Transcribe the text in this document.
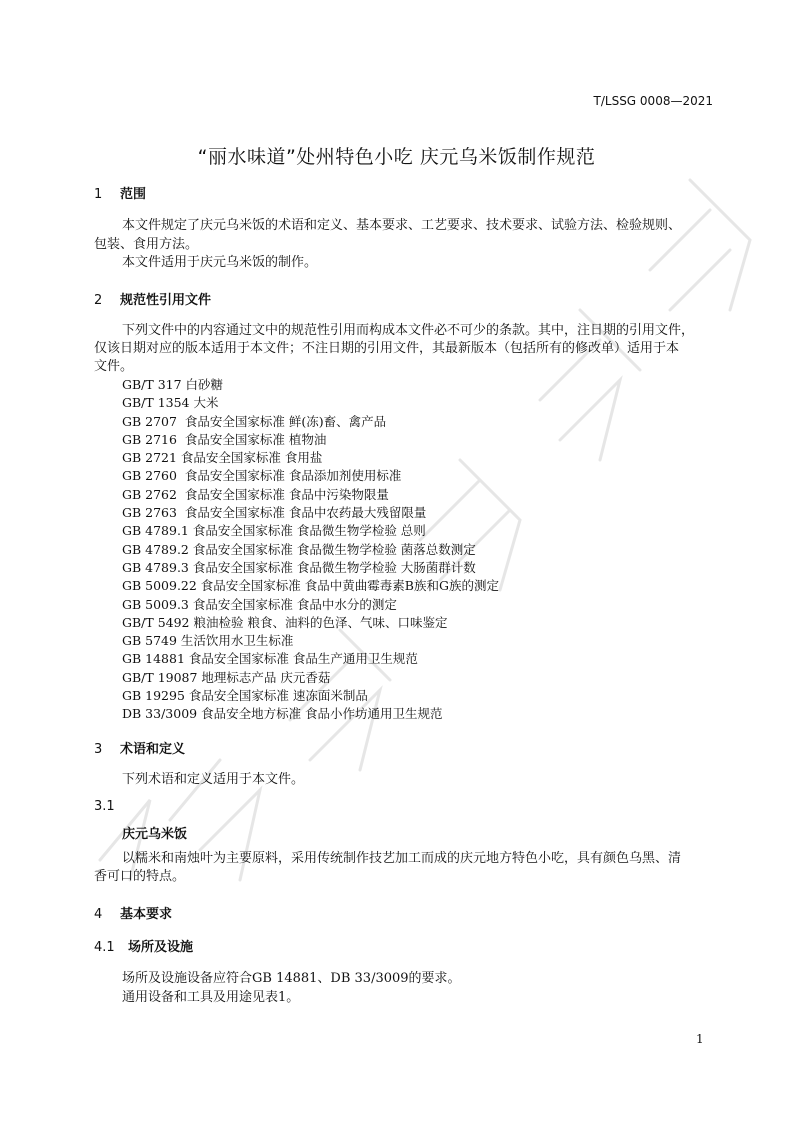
T/LSSG 0008—2021
“丽水味道”处州特色小吃 庆元乌米饭制作规范
1 范围
本文件规定了庆元乌米饭的术语和定义、基本要求、工艺要求、技术要求、试验方法、检验规则、
包装、食用方法。
本文件适用于庆元乌米饭的制作。
2 规范性引用文件
下列文件中的内容通过文中的规范性引用而构成本文件必不可少的条款。其中，注日期的引用文件，
仅该日期对应的版本适用于本文件；不注日期的引用文件，其最新版本（包括所有的修改单）适用于本
文件。
GB/T 317 白砂糖
GB/T 1354 大米
GB 2707  食品安全国家标准 鲜(冻)畜、禽产品
GB 2716  食品安全国家标准 植物油
GB 2721 食品安全国家标准 食用盐
GB 2760  食品安全国家标准 食品添加剂使用标准
GB 2762  食品安全国家标准 食品中污染物限量
GB 2763  食品安全国家标准 食品中农药最大残留限量
GB 4789.1 食品安全国家标准 食品微生物学检验 总则
GB 4789.2 食品安全国家标准 食品微生物学检验 菌落总数测定
GB 4789.3 食品安全国家标准 食品微生物学检验 大肠菌群计数
GB 5009.22 食品安全国家标准 食品中黄曲霉毒素B族和G族的测定
GB 5009.3 食品安全国家标准 食品中水分的测定
GB/T 5492 粮油检验 粮食、油料的色泽、气味、口味鉴定
GB 5749 生活饮用水卫生标准
GB 14881 食品安全国家标准 食品生产通用卫生规范
GB/T 19087 地理标志产品 庆元香菇
GB 19295 食品安全国家标准 速冻面米制品
DB 33/3009 食品安全地方标准 食品小作坊通用卫生规范
3 术语和定义
下列术语和定义适用于本文件。
3.1
庆元乌米饭
以糯米和南烛叶为主要原料，采用传统制作技艺加工而成的庆元地方特色小吃，具有颜色乌黑、清
香可口的特点。
4 基本要求
4.1 场所及设施
场所及设施设备应符合GB 14881、DB 33/3009的要求。
通用设备和工具及用途见表1。
1
